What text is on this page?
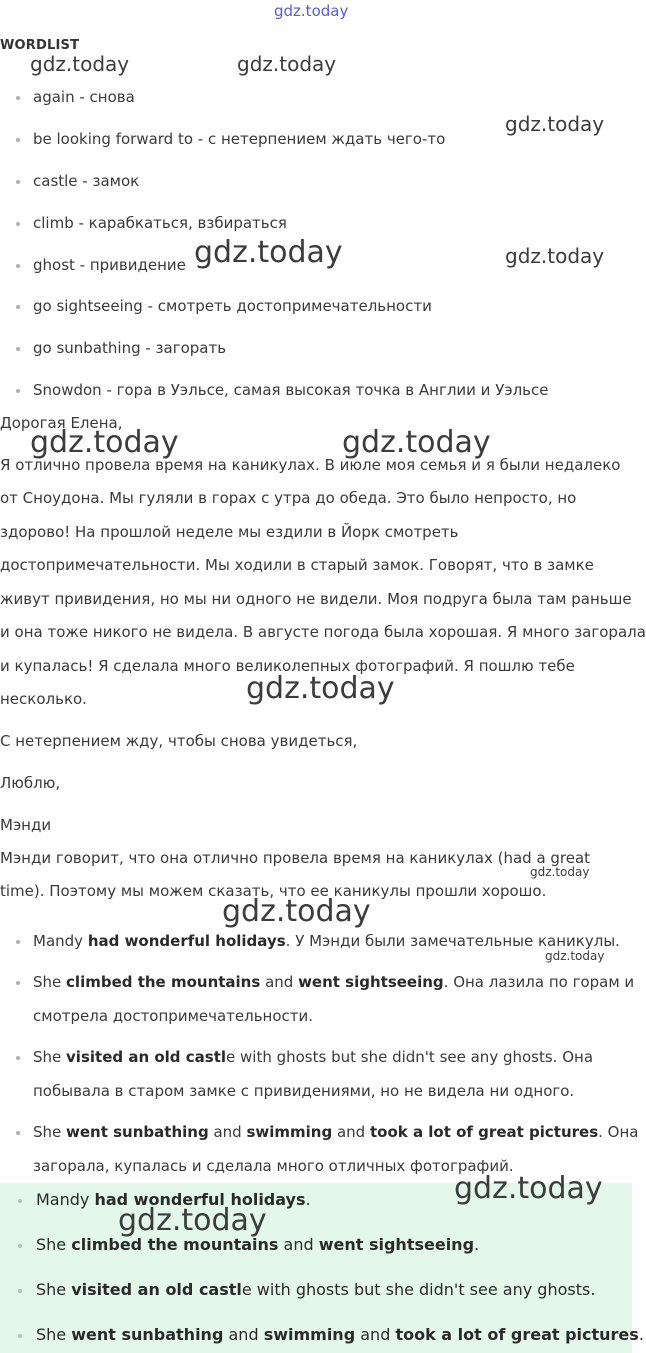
gdz.today
WORDLIST
again - снова
be looking forward to - с нетерпением ждать чего-то
castle - замок
climb - карабкаться, взбираться
ghost - привидение
go sightseeing - смотреть достопримечательности
go sunbathing - загорать
Snowdon - гора в Уэльсе, самая высокая точка в Англии и Уэльсе
Дорогая Елена,
Я отлично провела время на каникулах. В июле моя семья и я были недалеко
от Сноудона. Мы гуляли в горах с утра до обеда. Это было непросто, но
здорово! На прошлой неделе мы ездили в Йорк смотреть
достопримечательности. Мы ходили в старый замок. Говорят, что в замке
живут привидения, но мы ни одного не видели. Моя подруга была там раньше
и она тоже никого не видела. В августе погода была хорошая. Я много загорала
и купалась! Я сделала много великолепных фотографий. Я пошлю тебе
несколько.
С нетерпением жду, чтобы снова увидеться,
Люблю,
Мэнди
Мэнди говорит, что она отлично провела время на каникулах (had a great
time). Поэтому мы можем сказать, что ее каникулы прошли хорошо.
Mandy had wonderful holidays. У Мэнди были замечательные каникулы.
She climbed the mountains and went sightseeing. Она лазила по горам и
смотрела достопримечательности.
She visited an old castle with ghosts but she didn't see any ghosts. Она
побывала в старом замке с привидениями, но не видела ни одного.
She went sunbathing and swimming and took a lot of great pictures. Она
загорала, купалась и сделала много отличных фотографий.
Mandy had wonderful holidays.
She climbed the mountains and went sightseeing.
She visited an old castle with ghosts but she didn't see any ghosts.
She went sunbathing and swimming and took a lot of great pictures.
gdz.today	gdz.today
gdz.today
gdz.today	gdz.today
gdz.today	gdz.today
gdz.today
gdz.today
gdz.today
gdz.today
gdz.today
gdz.today
